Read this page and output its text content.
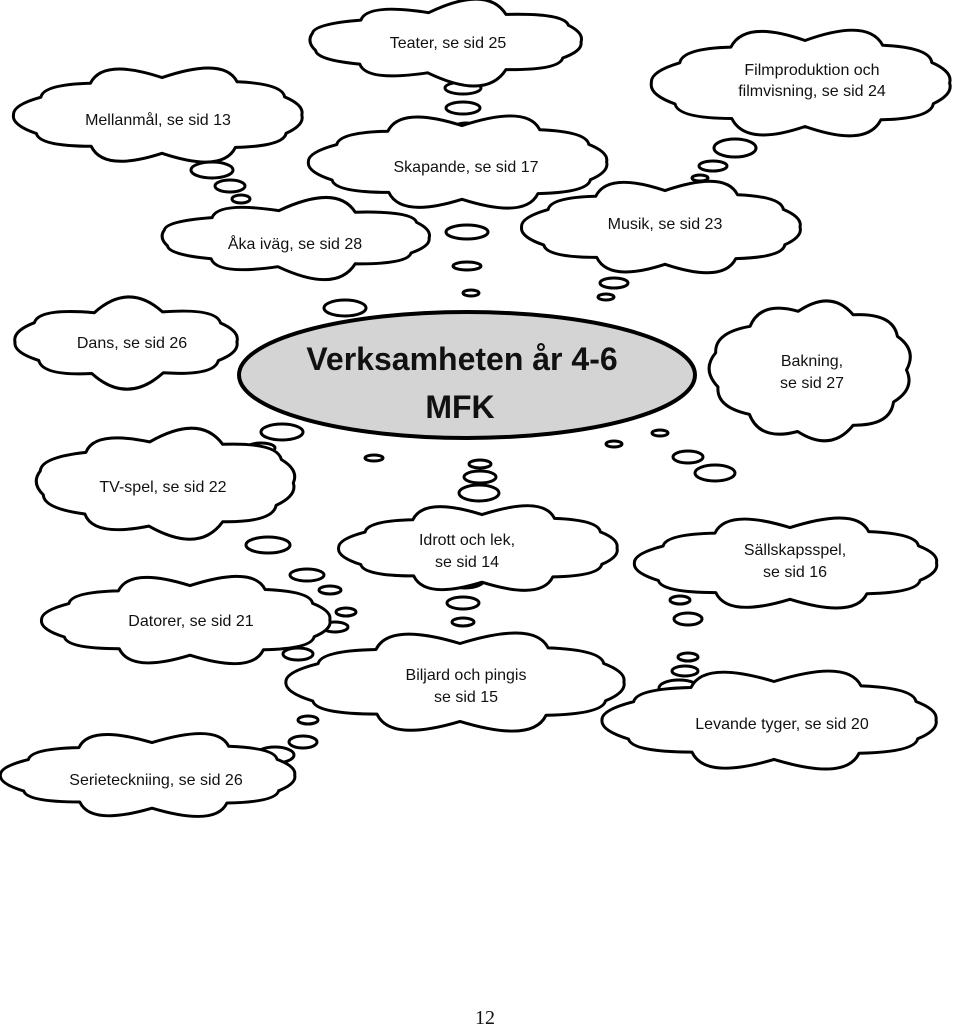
Verksamheten år 4-6
MFK
Teater, se sid 25
Mellanmål, se sid 13
Filmproduktion och
filmvisning, se sid 24
Skapande, se sid 17
Åka iväg, se sid 28
Musik, se sid 23
Dans, se sid 26
Bakning,
se sid 27
TV-spel, se sid 22
Idrott och lek,
se sid 14
Sällskapsspel,
se sid 16
Datorer, se sid 21
Biljard och pingis
se sid 15
Levande tyger, se sid 20
Serieteckniing, se sid 26
12
